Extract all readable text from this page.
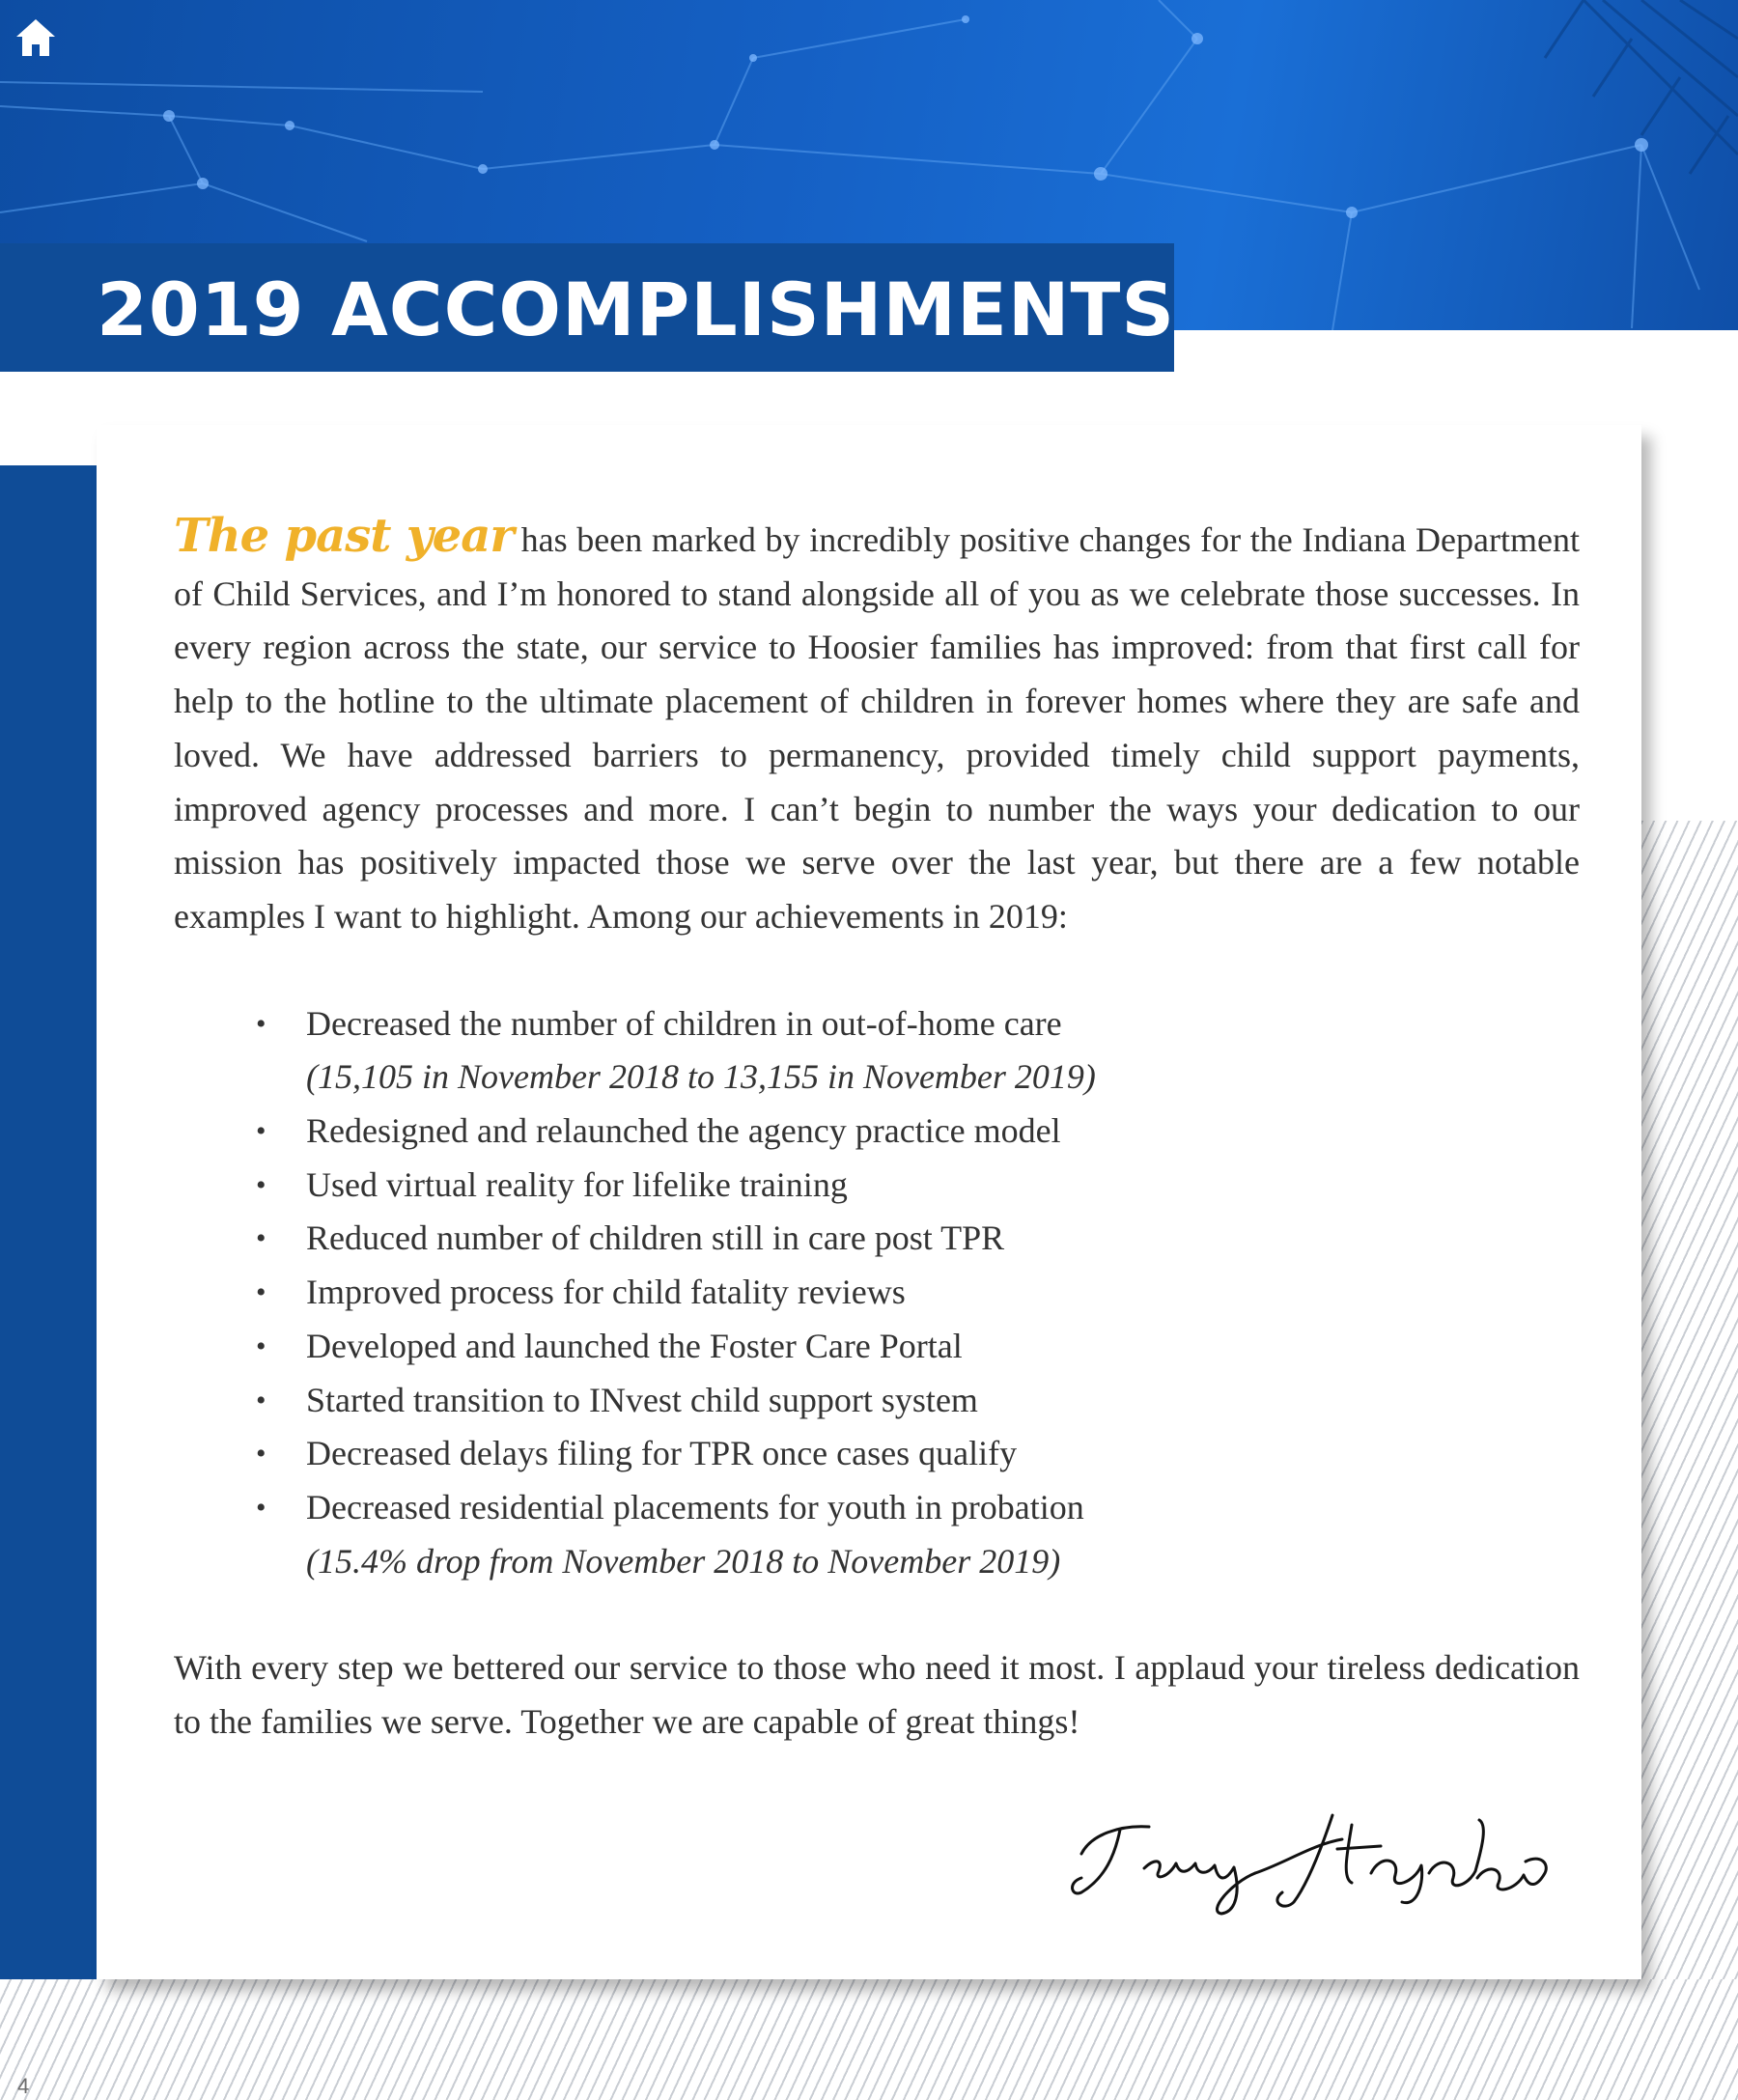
2019 ACCOMPLISHMENTS

The past year has been marked by incredibly positive changes for the Indiana Department of Child Services, and I’m honored to stand alongside all of you as we celebrate those successes. In every region across the state, our service to Hoosier families has improved: from that first call for help to the hotline to the ultimate placement of children in forever homes where they are safe and loved. We have addressed barriers to permanency, provided timely child support payments, improved agency processes and more. I can’t begin to number the ways your dedication to our mission has positively impacted those we serve over the last year, but there are a few notable examples I want to highlight. Among our achievements in 2019:

• Decreased the number of children in out-of-home care
(15,105 in November 2018 to 13,155 in November 2019)
• Redesigned and relaunched the agency practice model
• Used virtual reality for lifelike training
• Reduced number of children still in care post TPR
• Improved process for child fatality reviews
• Developed and launched the Foster Care Portal
• Started transition to INvest child support system
• Decreased delays filing for TPR once cases qualify
• Decreased residential placements for youth in probation
(15.4% drop from November 2018 to November 2019)

With every step we bettered our service to those who need it most. I applaud your tireless dedication to the families we serve. Together we are capable of great things!

4
